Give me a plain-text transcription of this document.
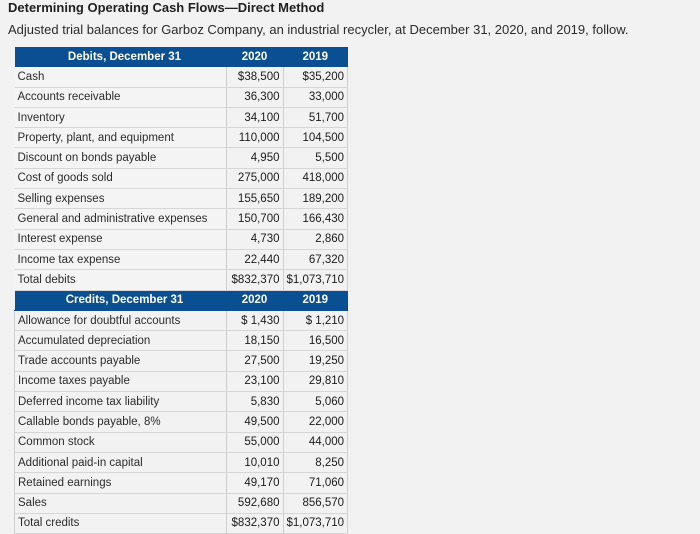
Determining Operating Cash Flows—Direct Method
Adjusted trial balances for Garboz Company, an industrial recycler, at December 31, 2020, and 2019, follow.
Debits, December 31	2020	2019
Cash	$38,500	$35,200
Accounts receivable	36,300	33,000
Inventory	34,100	51,700
Property, plant, and equipment	110,000	104,500
Discount on bonds payable	4,950	5,500
Cost of goods sold	275,000	418,000
Selling expenses	155,650	189,200
General and administrative expenses	150,700	166,430
Interest expense	4,730	2,860
Income tax expense	22,440	67,320
Total debits	$832,370	$1,073,710
Credits, December 31	2020	2019
Allowance for doubtful accounts	$ 1,430	$ 1,210
Accumulated depreciation	18,150	16,500
Trade accounts payable	27,500	19,250
Income taxes payable	23,100	29,810
Deferred income tax liability	5,830	5,060
Callable bonds payable, 8%	49,500	22,000
Common stock	55,000	44,000
Additional paid-in capital	10,010	8,250
Retained earnings	49,170	71,060
Sales	592,680	856,570
Total credits	$832,370	$1,073,710
